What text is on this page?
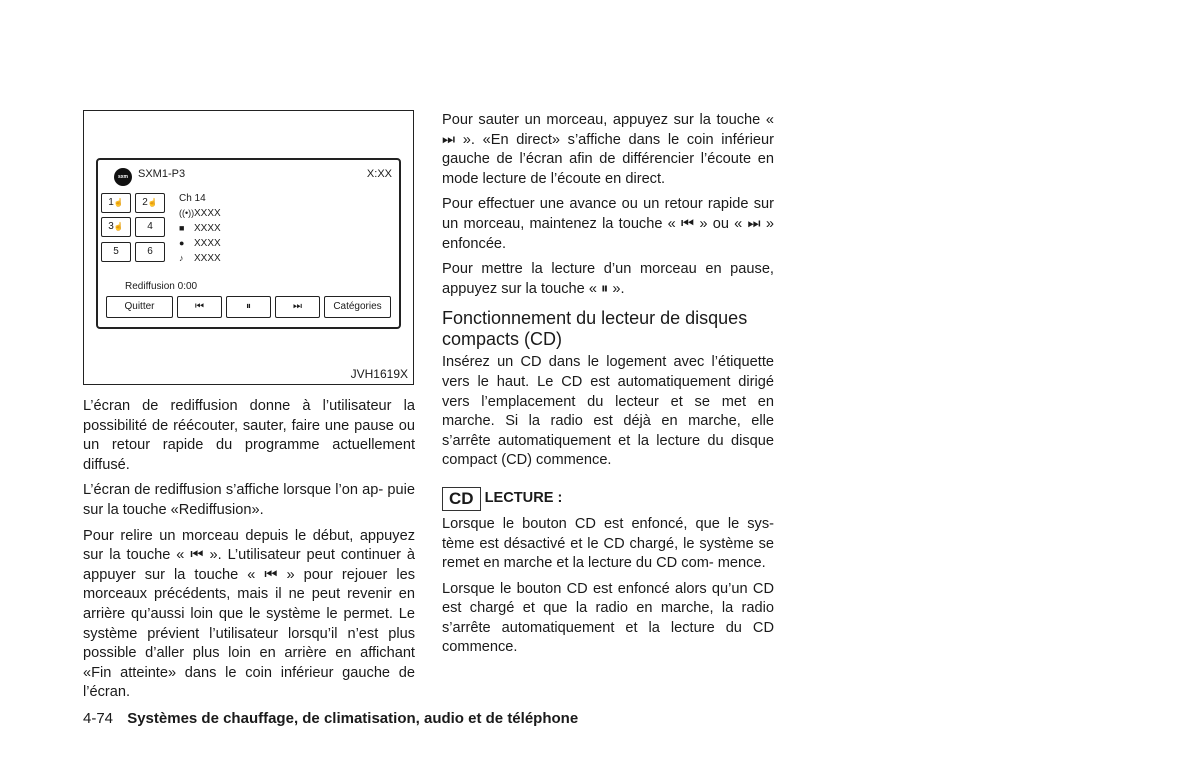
sxm SXM1-P3	X:XX
1☝	2☝
3☝	4
5	6
Ch 14
((•))XXXX
■ XXXX
● XXXX
♪ XXXX
Rediffusion 0:00
Quitter	⏮	⏸	⏭	Catégories
JVH1619X

L’écran de rediffusion donne à l’utilisateur la possibilité de réécouter, sauter, faire une pause ou un retour rapide du programme actuellement diffusé.

L’écran de rediffusion s’affiche lorsque l’on ap- puie sur la touche «Rediffusion».

Pour relire un morceau depuis le début, appuyez sur la touche « ⏮ ». L’utilisateur peut continuer à appuyer sur la touche « ⏮ » pour rejouer les morceaux précédents, mais il ne peut revenir en arrière qu’aussi loin que le système le permet. Le système prévient l’utilisateur lorsqu’il n’est plus possible d’aller plus loin en arrière en affichant «Fin atteinte» dans le coin inférieur gauche de l’écran.

Pour sauter un morceau, appuyez sur la touche « ⏭ ». «En direct» s’affiche dans le coin inférieur gauche de l’écran afin de différencier l’écoute en mode lecture de l’écoute en direct.

Pour effectuer une avance ou un retour rapide sur un morceau, maintenez la touche « ⏮ » ou « ⏭ » enfoncée.

Pour mettre la lecture d’un morceau en pause, appuyez sur la touche « ⏸ ».

Fonctionnement du lecteur de disques compacts (CD)

Insérez un CD dans le logement avec l’étiquette vers le haut. Le CD est automatiquement dirigé vers l’emplacement du lecteur et se met en marche. Si la radio est déjà en marche, elle s’arrête automatiquement et la lecture du disque compact (CD) commence.

CD LECTURE :

Lorsque le bouton CD est enfoncé, que le sys- tème est désactivé et le CD chargé, le système se remet en marche et la lecture du CD com- mence.

Lorsque le bouton CD est enfoncé alors qu’un CD est chargé et que la radio en marche, la radio s’arrête automatiquement et la lecture du CD commence.

4-74 Systèmes de chauffage, de climatisation, audio et de téléphone
